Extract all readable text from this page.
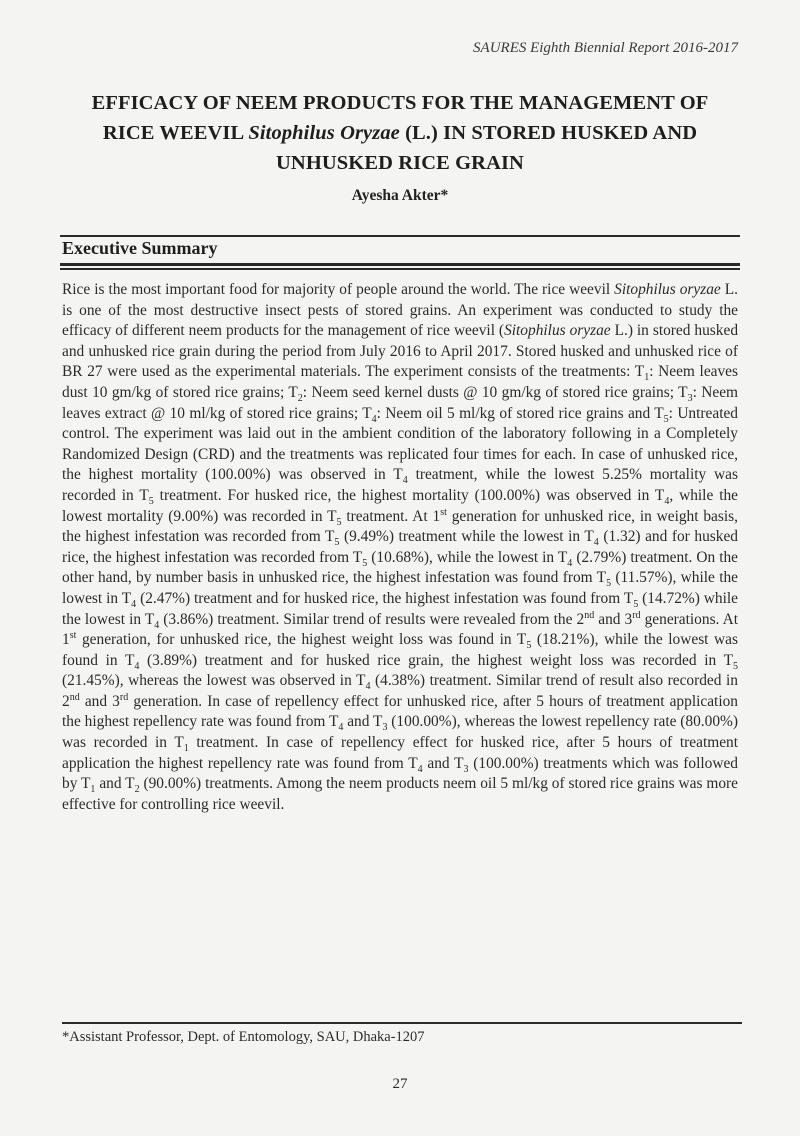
SAURES Eighth Biennial Report 2016-2017
EFFICACY OF NEEM PRODUCTS FOR THE MANAGEMENT OF
RICE WEEVIL Sitophilus Oryzae (L.) IN STORED HUSKED AND
UNHUSKED RICE GRAIN
Ayesha Akter*
Executive Summary
Rice is the most important food for majority of people around the world. The rice weevil Sitophilus oryzae L. is one of the most destructive insect pests of stored grains. An experiment was conducted to study the efficacy of different neem products for the management of rice weevil (Sitophilus oryzae L.) in stored husked and unhusked rice grain during the period from July 2016 to April 2017. Stored husked and unhusked rice of BR 27 were used as the experimental materials. The experiment consists of the treatments: $T_1$: Neem leaves dust 10 gm/kg of stored rice grains; $T_2$: Neem seed kernel dusts @ 10 gm/kg of stored rice grains; $T_3$: Neem leaves extract @ 10 ml/kg of stored rice grains; $T_4$: Neem oil 5 ml/kg of stored rice grains and $T_5$: Untreated control. The experiment was laid out in the ambient condition of the laboratory following in a Completely Randomized Design (CRD) and the treatments was replicated four times for each. In case of unhusked rice, the highest mortality (100.00%) was observed in $T_4$ treatment, while the lowest 5.25% mortality was recorded in $T_5$ treatment. For husked rice, the highest mortality (100.00%) was observed in $T_4$, while the lowest mortality (9.00%) was recorded in $T_5$ treatment. At 1st generation for unhusked rice, in weight basis, the highest infestation was recorded from $T_5$ (9.49%) treatment while the lowest in $T_4$ (1.32) and for husked rice, the highest infestation was recorded from $T_5$ (10.68%), while the lowest in $T_4$ (2.79%) treatment. On the other hand, by number basis in unhusked rice, the highest infestation was found from $T_5$ (11.57%), while the lowest in $T_4$ (2.47%) treatment and for husked rice, the highest infestation was found from $T_5$ (14.72%) while the lowest in $T_4$ (3.86%) treatment. Similar trend of results were revealed from the 2nd and 3rd generations. At 1st generation, for unhusked rice, the highest weight loss was found in $T_5$ (18.21%), while the lowest was found in $T_4$ (3.89%) treatment and for husked rice grain, the highest weight loss was recorded in $T_5$ (21.45%), whereas the lowest was observed in $T_4$ (4.38%) treatment. Similar trend of result also recorded in 2nd and 3rd generation. In case of repellency effect for unhusked rice, after 5 hours of treatment application the highest repellency rate was found from $T_4$ and $T_3$ (100.00%), whereas the lowest repellency rate (80.00%) was recorded in $T_1$ treatment. In case of repellency effect for husked rice, after 5 hours of treatment application the highest repellency rate was found from $T_4$ and $T_3$ (100.00%) treatments which was followed by $T_1$ and $T_2$ (90.00%) treatments. Among the neem products neem oil 5 ml/kg of stored rice grains was more effective for controlling rice weevil.
*Assistant Professor, Dept. of Entomology, SAU, Dhaka-1207
27
